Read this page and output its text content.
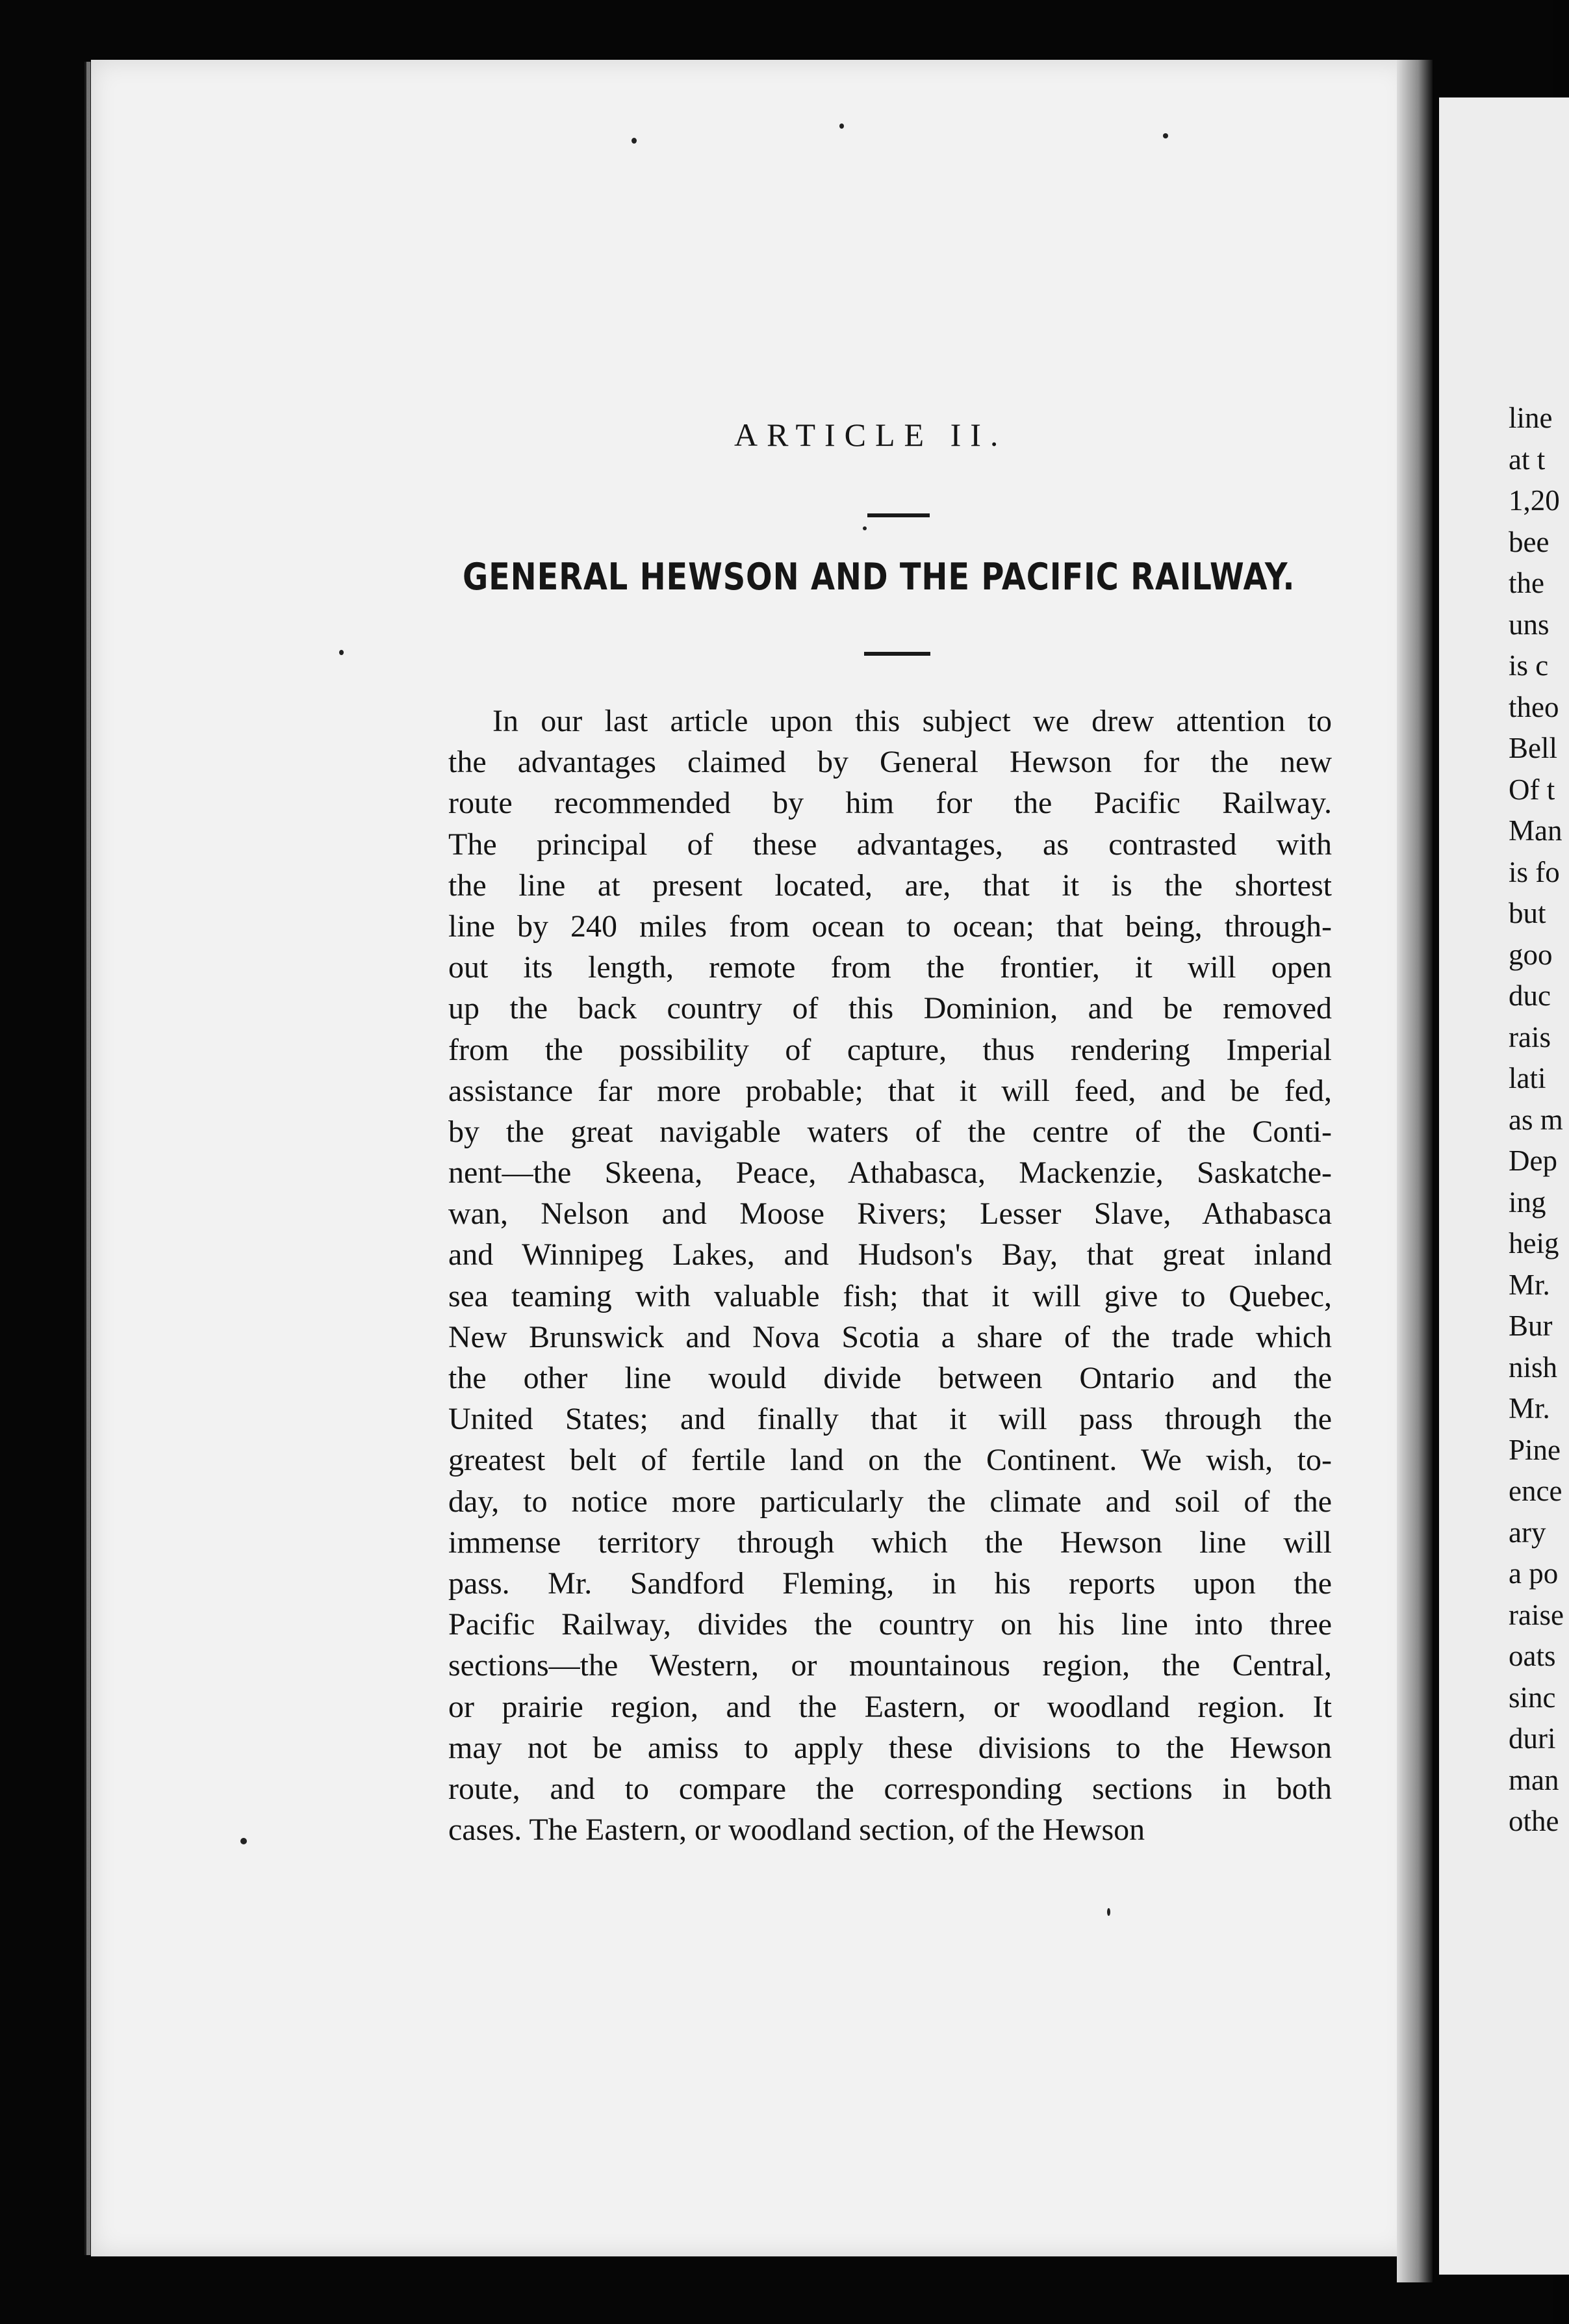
ARTICLE II.
GENERAL HEWSON AND THE PACIFIC RAILWAY.
In our last article upon this subject we drew attention to
the advantages claimed by General Hewson for the new
route recommended by him for the Pacific Railway.
The principal of these advantages, as contrasted with
the line at present located, are, that it is the shortest
line by 240 miles from ocean to ocean; that being, through-
out its length, remote from the frontier, it will open
up the back country of this Dominion, and be removed
from the possibility of capture, thus rendering Imperial
assistance far more probable; that it will feed, and be fed,
by the great navigable waters of the centre of the Conti-
nent—the Skeena, Peace, Athabasca, Mackenzie, Saskatche-
wan, Nelson and Moose Rivers; Lesser Slave, Athabasca
and Winnipeg Lakes, and Hudson's Bay, that great inland
sea teaming with valuable fish; that it will give to Quebec,
New Brunswick and Nova Scotia a share of the trade which
the other line would divide between Ontario and the
United States; and finally that it will pass through the
greatest belt of fertile land on the Continent. We wish, to-
day, to notice more particularly the climate and soil of the
immense territory through which the Hewson line will
pass. Mr. Sandford Fleming, in his reports upon the
Pacific Railway, divides the country on his line into three
sections—the Western, or mountainous region, the Central,
or prairie region, and the Eastern, or woodland region. It
may not be amiss to apply these divisions to the Hewson
route, and to compare the corresponding sections in both
cases. The Eastern, or woodland section, of the Hewson
line
at t
1,20
bee
the
uns
is c
theo
Bell
Of t
Man
is fo
but
goo
duc
rais
lati
as m
Dep
ing
heig
Mr.
Bur
nish
Mr.
Pine
ence
ary
a po
raise
oats
sinc
duri
man
othe
